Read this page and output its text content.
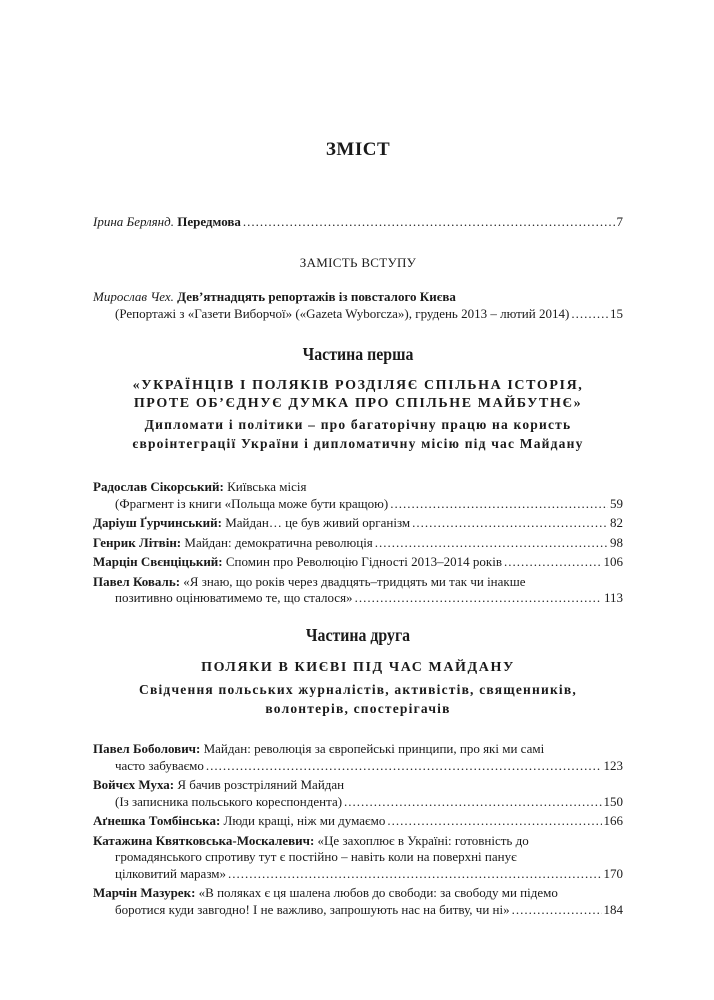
ЗМІСТ
Ірина Берлянд.
Передмова .....	7
ЗАМІСТЬ ВСТУПУ
Мирослав Чех.
Дев’ятнадцять репортажів із повсталого Києва
(Репортажі з «Газети Виборчої» («Gazeta Wyborcza»), грудень 2013 – лютий 2014) .....	15
Частина перша
«УКРАЇНЦІВ І ПОЛЯКІВ РОЗДІЛЯЄ СПІЛЬНА ІСТОРІЯ,
ПРОТЕ ОБ’ЄДНУЄ ДУМКА ПРО СПІЛЬНЕ МАЙБУТНЄ»
Дипломати і політики – про багаторічну працю на користь
євроінтеграції України і дипломатичну місію під час Майдану
Радослав Сікорський:
Київська місія
(Фрагмент із книги «Польща може бути кращою) .....	59
Даріуш Ґурчинський:
Майдан… це був живий організм .....	82
Генрик Літвін:
Майдан: демократична революція .....	98
Марцін Свєнціцький:
Спомин про Революцію Гідності 2013–2014 років .....	106
Павел Коваль:
«Я знаю, що років через двадцять–тридцять ми так чи інакше
позитивно оцінюватимемо те, що сталося» .....	113
Частина друга
ПОЛЯКИ В КИЄВІ ПІД ЧАС МАЙДАНУ
Свідчення польських журналістів, активістів, священників,
волонтерів, спостерігачів
Павел Боболович:
Майдан: революція за європейські принципи, про які ми самі
часто забуваємо .....	123
Войчєх Муха:
Я бачив розстріляний Майдан
(Із записника польського кореспондента) .....	150
Аґнешка Томбінська:
Люди кращі, ніж ми думаємо .....	166
Катажина Квятковська-Москалевич:
«Це захоплює в Україні: готовність до
громадянського спротиву тут є постійно – навіть коли на поверхні панує
цілковитий маразм» .....	170
Марчін Мазурек:
«В поляках є ця шалена любов до свободи: за свободу ми підемо
боротися куди завгодно! І не важливо, запрошують нас на битву, чи ні» .....	184
